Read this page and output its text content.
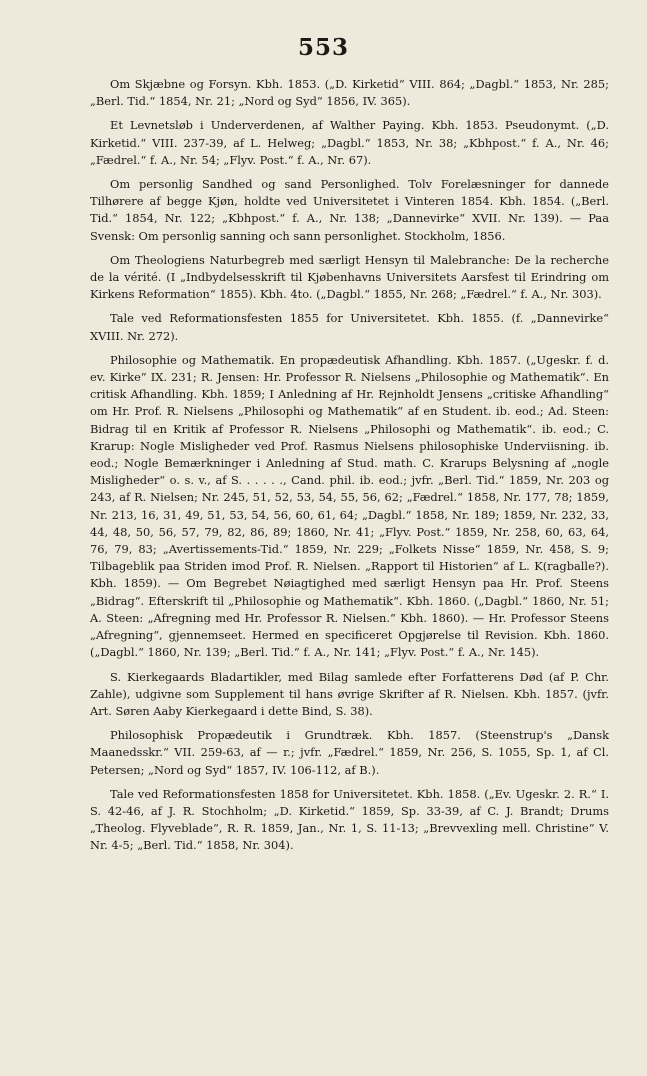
553

Om Skjæbne og Forsyn. Kbh. 1853. („D. Kirketid“ VIII. 864; „Dagbl.“ 1853, Nr. 285; „Berl. Tid.“ 1854, Nr. 21; „Nord og Syd“ 1856, IV. 365).

Et Levnetsløb i Underverdenen, af Walther Paying. Kbh. 1853. Pseudonymt. („D. Kirketid.“ VIII. 237-39, af L. Helweg; „Dagbl.“ 1853, Nr. 38; „Kbhpost.“ f. A., Nr. 46; „Fædrel.“ f. A., Nr. 54; „Flyv. Post.“ f. A., Nr. 67).

Om personlig Sandhed og sand Personlighed. Tolv Forelæsninger for dannede Tilhørere af begge Kjøn, holdte ved Universitetet i Vinteren 1854. Kbh. 1854. („Berl. Tid.“ 1854, Nr. 122; „Kbhpost.“ f. A., Nr. 138; „Dannevirke“ XVII. Nr. 139). — Paa Svensk: Om personlig sanning och sann personlighet. Stockholm, 1856.

Om Theologiens Naturbegreb med særligt Hensyn til Malebranche: De la recherche de la vérité. (I „Indbydelsesskrift til Kjøbenhavns Universitets Aarsfest til Erindring om Kirkens Reformation“ 1855). Kbh. 4to. („Dagbl.“ 1855, Nr. 268; „Fædrel.“ f. A., Nr. 303).

Tale ved Reformationsfesten 1855 for Universitetet. Kbh. 1855. (f. „Dannevirke“ XVIII. Nr. 272).

Philosophie og Mathematik. En propædeutisk Afhandling. Kbh. 1857. („Ugeskr. f. d. ev. Kirke“ IX. 231; R. Jensen: Hr. Professor R. Nielsens „Philosophie og Mathematik“. En critisk Afhandling. Kbh. 1859; I Anledning af Hr. Rejnholdt Jensens „critiske Afhandling“ om Hr. Prof. R. Nielsens „Philosophi og Mathematik“ af en Student. ib. eod.; Ad. Steen: Bidrag til en Kritik af Professor R. Nielsens „Philosophi og Mathematik“. ib. eod.; C. Krarup: Nogle Misligheder ved Prof. Rasmus Nielsens philosophiske Underviisning. ib. eod.; Nogle Bemærkninger i Anledning af Stud. math. C. Krarups Belysning af „nogle Misligheder“ o. s. v., af S. . . . . ., Cand. phil. ib. eod.; jvfr. „Berl. Tid.“ 1859, Nr. 203 og 243, af R. Nielsen; Nr. 245, 51, 52, 53, 54, 55, 56, 62; „Fædrel.“ 1858, Nr. 177, 78; 1859, Nr. 213, 16, 31, 49, 51, 53, 54, 56, 60, 61, 64; „Dagbl.“ 1858, Nr. 189; 1859, Nr. 232, 33, 44, 48, 50, 56, 57, 79, 82, 86, 89; 1860, Nr. 41; „Flyv. Post.“ 1859, Nr. 258, 60, 63, 64, 76, 79, 83; „Avertissements-Tid.“ 1859, Nr. 229; „Folkets Nisse“ 1859, Nr. 458, S. 9; Tilbageblik paa Striden imod Prof. R. Nielsen. „Rapport til Historien“ af L. K(ragballe?). Kbh. 1859). — Om Begrebet Nøiagtighed med særligt Hensyn paa Hr. Prof. Steens „Bidrag“. Efterskrift til „Philosophie og Mathematik“. Kbh. 1860. („Dagbl.“ 1860, Nr. 51; A. Steen: „Afregning med Hr. Professor R. Nielsen.“ Kbh. 1860). — Hr. Professor Steens „Afregning“, gjennemseet. Hermed en specificeret Opgjørelse til Revision. Kbh. 1860. („Dagbl.“ 1860, Nr. 139; „Berl. Tid.“ f. A., Nr. 141; „Flyv. Post.“ f. A., Nr. 145).

S. Kierkegaards Bladartikler, med Bilag samlede efter Forfatterens Død (af P. Chr. Zahle), udgivne som Supplement til hans øvrige Skrifter af R. Nielsen. Kbh. 1857. (jvfr. Art. Søren Aaby Kierkegaard i dette Bind, S. 38).

Philosophisk Propædeutik i Grundtræk. Kbh. 1857. (Steenstrup's „Dansk Maanedsskr.“ VII. 259-63, af — r.; jvfr. „Fædrel.“ 1859, Nr. 256, S. 1055, Sp. 1, af Cl. Petersen; „Nord og Syd“ 1857, IV. 106-112, af B.).

Tale ved Reformationsfesten 1858 for Universitetet. Kbh. 1858. („Ev. Ugeskr. 2. R.“ I. S. 42-46, af J. R. Stochholm; „D. Kirketid.“ 1859, Sp. 33-39, af C. J. Brandt; Drums „Theolog. Flyveblade“, R. R. 1859, Jan., Nr. 1, S. 11-13; „Brevvexling mell. Christine“ V. Nr. 4-5; „Berl. Tid.“ 1858, Nr. 304).
